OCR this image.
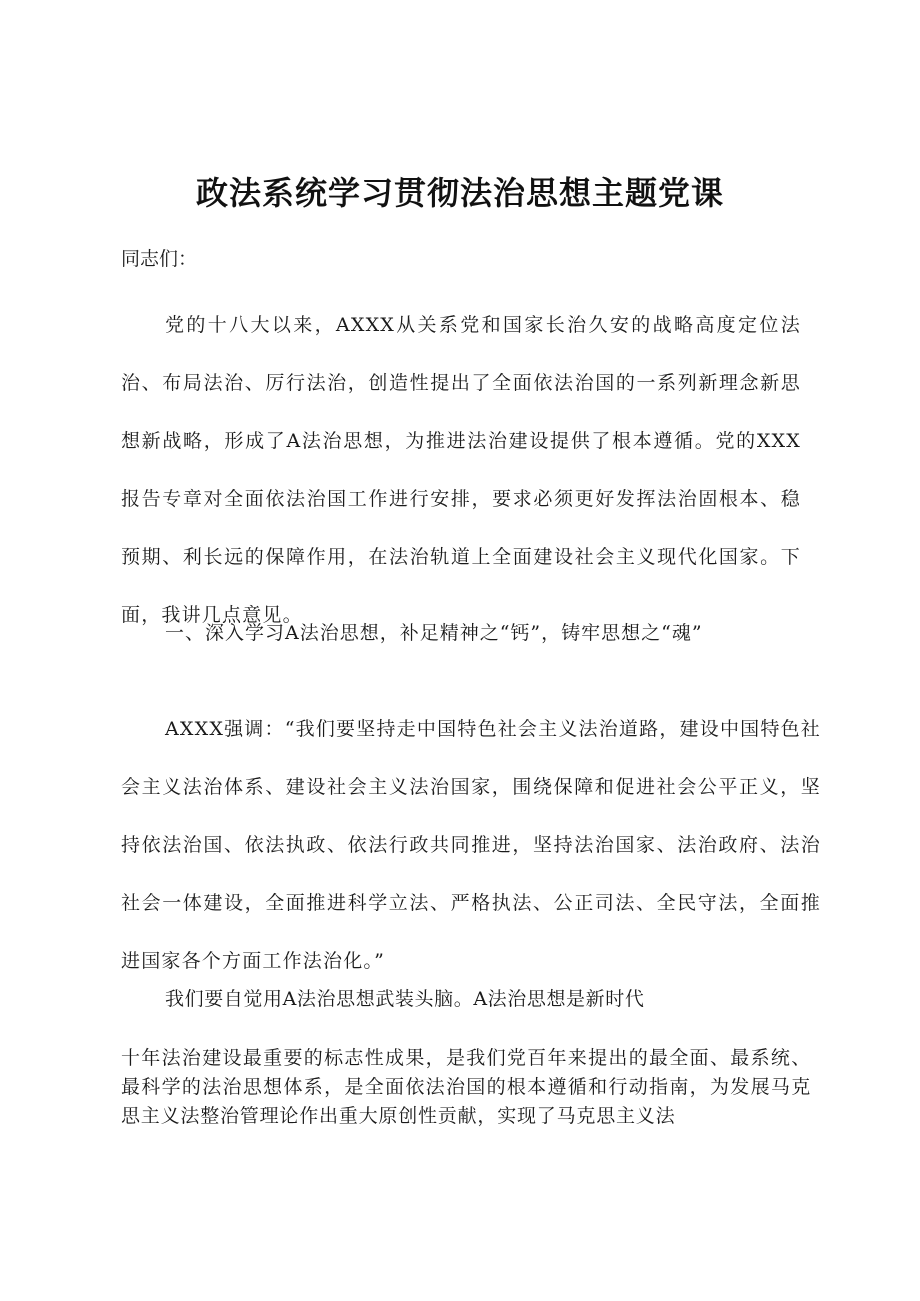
政法系统学习贯彻法治思想主题党课
同志们：
党的十八大以来，AXXX从关系党和国家长治久安的战略高度定位法治、布局法治、厉行法治，创造性提出了全面依法治国的一系列新理念新思想新战略，形成了A法治思想，为推进法治建设提供了根本遵循。党的XXX报告专章对全面依法治国工作进行安排，要求必须更好发挥法治固根本、稳预期、利长远的保障作用，在法治轨道上全面建设社会主义现代化国家。下面，我讲几点意见。
一、深入学习A法治思想，补足精神之“钙”，铸牢思想之“魂”
AXXX强调：“我们要坚持走中国特色社会主义法治道路，建设中国特色社会主义法治体系、建设社会主义法治国家，围绕保障和促进社会公平正义，坚持依法治国、依法执政、依法行政共同推进，坚持法治国家、法治政府、法治社会一体建设，全面推进科学立法、严格执法、公正司法、全民守法，全面推进国家各个方面工作法治化。”
我们要自觉用A法治思想武装头脑。A法治思想是新时代
十年法治建设最重要的标志性成果，是我们党百年来提出的最全面、最系统、最科学的法治思想体系，是全面依法治国的根本遵循和行动指南，为发展马克思主义法整治管理论作出重大原创性贡献，实现了马克思主义法
